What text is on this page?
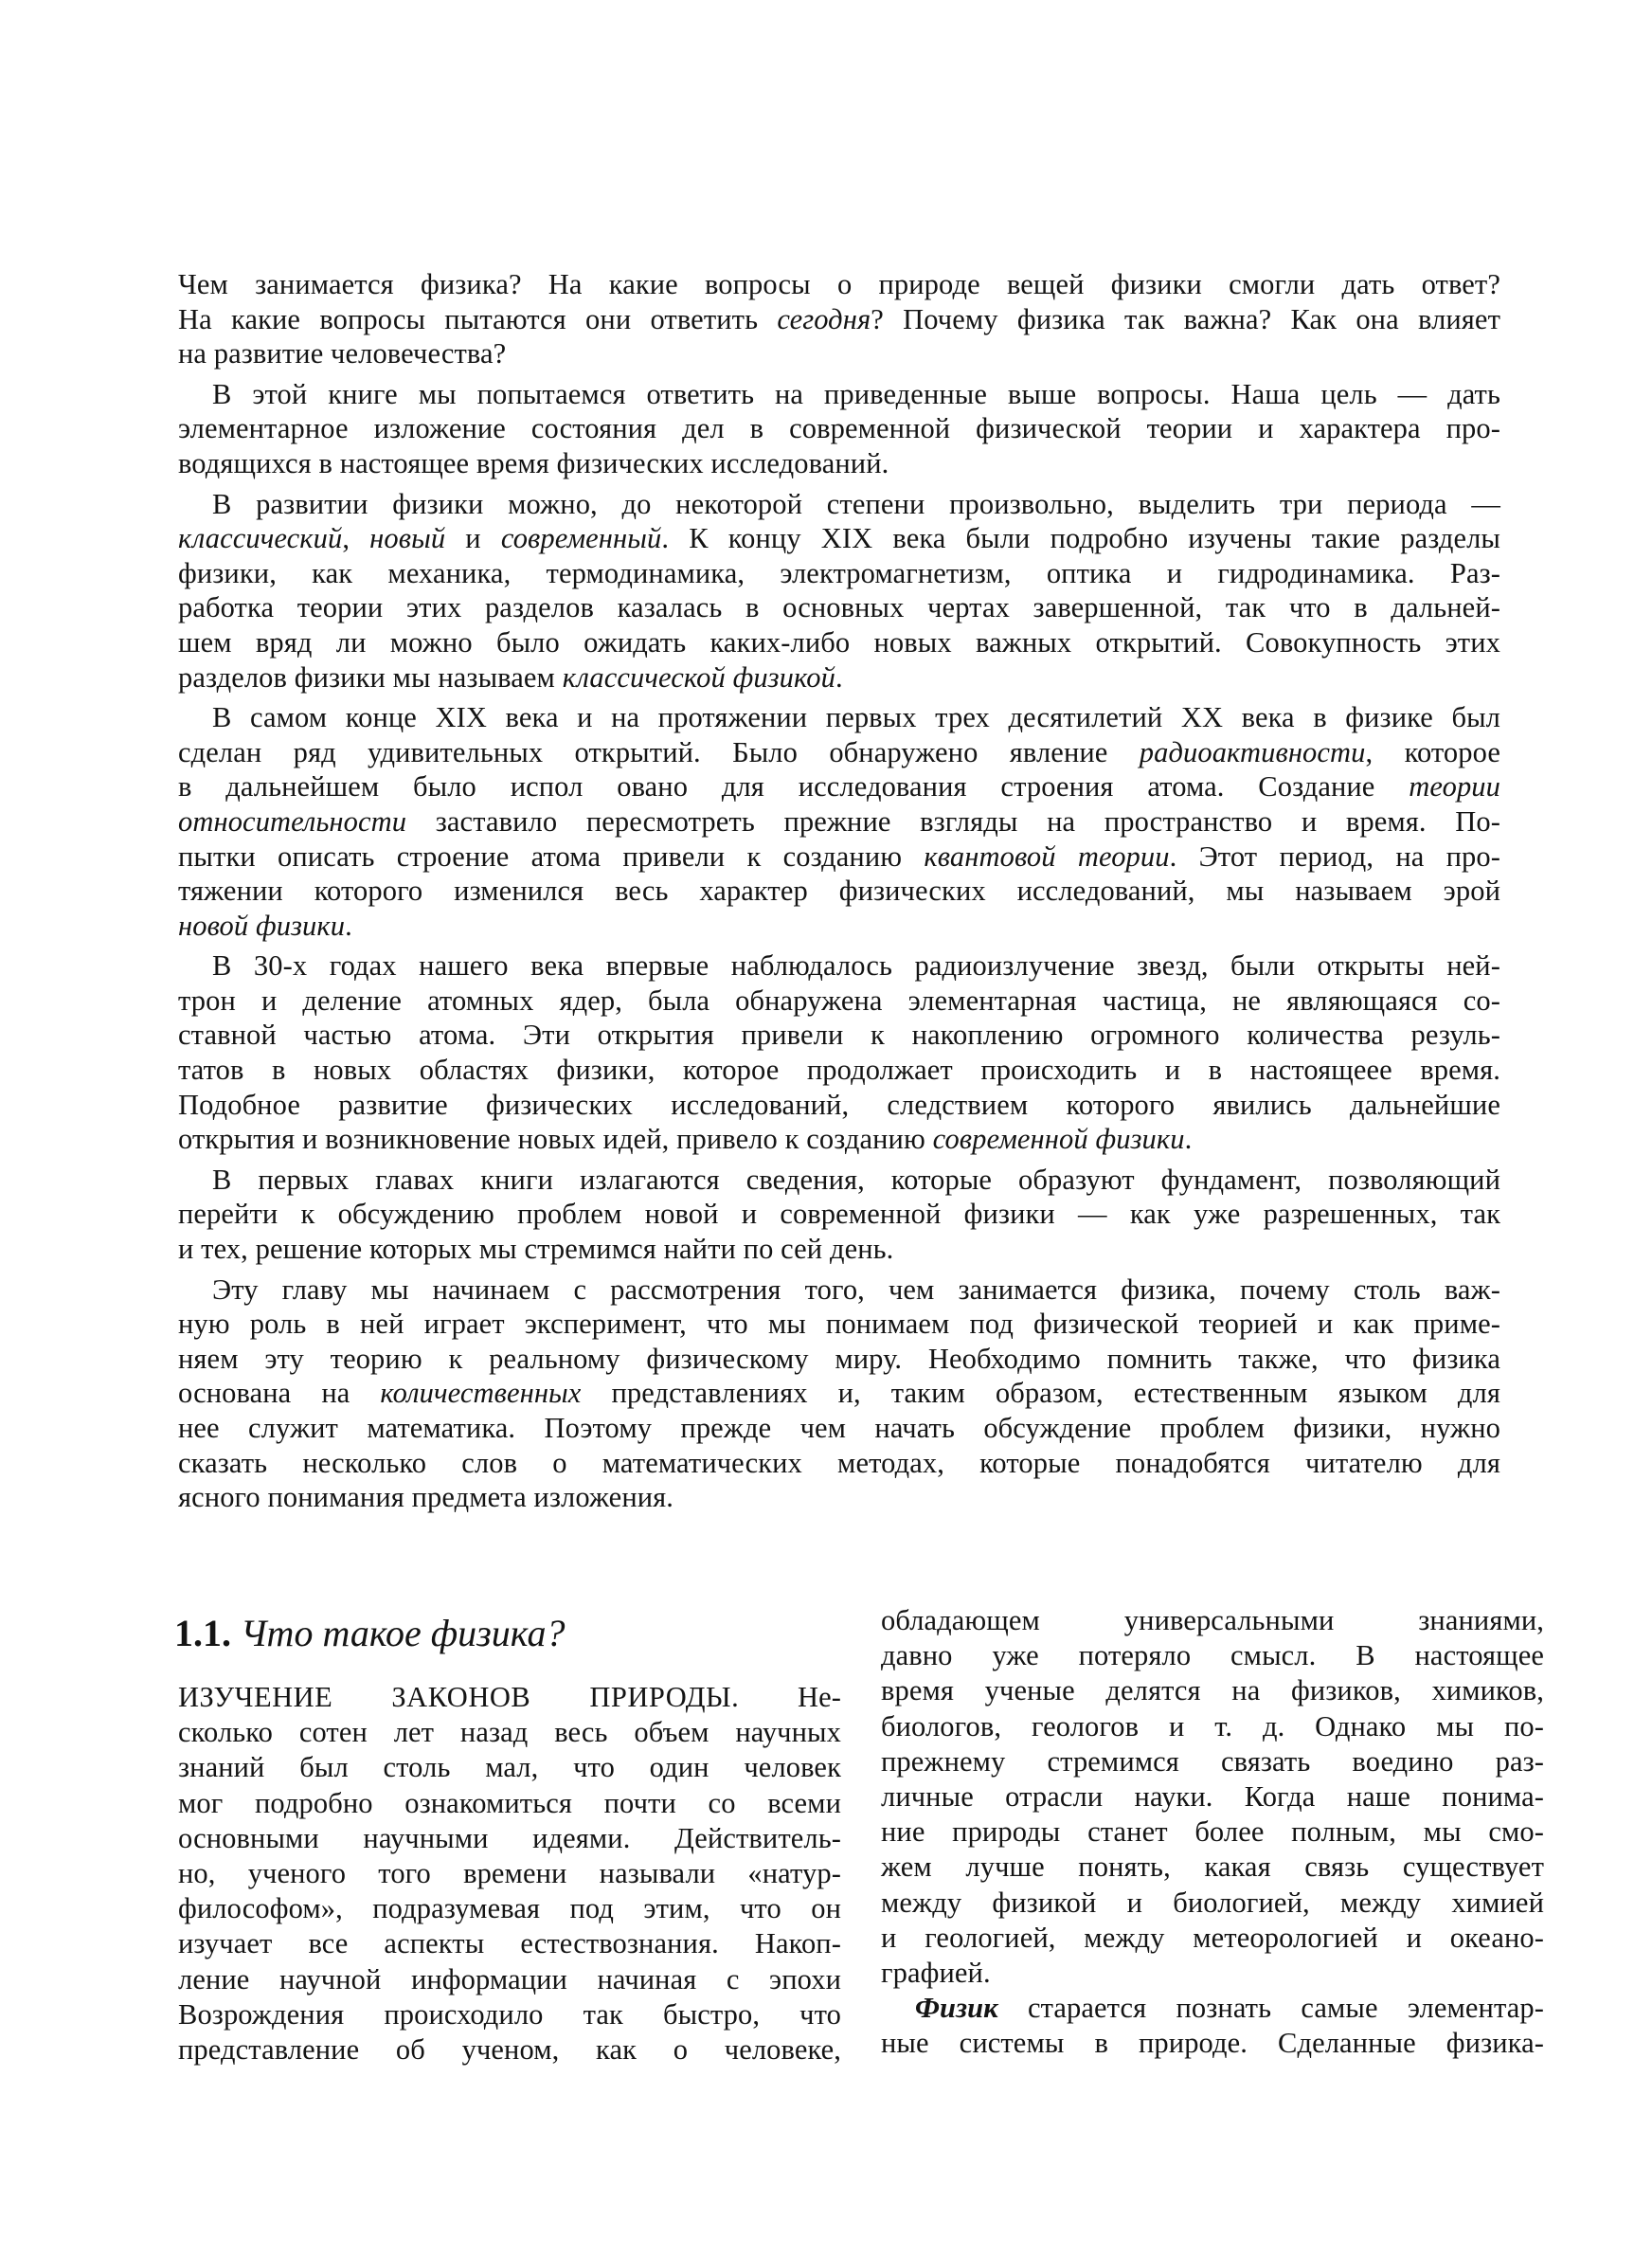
Чем занимается физика? На какие вопросы о природе вещей физики смогли дать ответ?
На какие вопросы пытаются они ответить сегодня? Почему физика так важна? Как она влияет
на развитие человечества?
В этой книге мы попытаемся ответить на приведенные выше вопросы. Наша цель — дать
элементарное изложение состояния дел в современной физической теории и характера про-
водящихся в настоящее время физических исследований.
В развитии физики можно, до некоторой степени произвольно, выделить три периода —
классический, новый и современный. К концу XIX века были подробно изучены такие разделы
физики, как механика, термодинамика, электромагнетизм, оптика и гидродинамика. Раз-
работка теории этих разделов казалась в основных чертах завершенной, так что в дальней-
шем вряд ли можно было ожидать каких-либо новых важных открытий. Совокупность этих
разделов физики мы называем классической физикой.
В самом конце XIX века и на протяжении первых трех десятилетий XX века в физике был
сделан ряд удивительных открытий. Было обнаружено явление радиоактивности, которое
в дальнейшем было испол овано для исследования строения атома. Создание теории
относительности заставило пересмотреть прежние взгляды на пространство и время. По-
пытки описать строение атома привели к созданию квантовой теории. Этот период, на про-
тяжении которого изменился весь характер физических исследований, мы называем эрой
новой физики.
В 30-х годах нашего века впервые наблюдалось радиоизлучение звезд, были открыты ней-
трон и деление атомных ядер, была обнаружена элементарная частица, не являющаяся со-
ставной частью атома. Эти открытия привели к накоплению огромного количества резуль-
татов в новых областях физики, которое продолжает происходить и в настоящеее время.
Подобное развитие физических исследований, следствием которого явились дальнейшие
открытия и возникновение новых идей, привело к созданию современной физики.
В первых главах книги излагаются сведения, которые образуют фундамент, позволяющий
перейти к обсуждению проблем новой и современной физики — как уже разрешенных, так
и тех, решение которых мы стремимся найти по сей день.
Эту главу мы начинаем с рассмотрения того, чем занимается физика, почему столь важ-
ную роль в ней играет эксперимент, что мы понимаем под физической теорией и как приме-
няем эту теорию к реальному физическому миру. Необходимо помнить также, что физика
основана на количественных представлениях и, таким образом, естественным языком для
нее служит математика. Поэтому прежде чем начать обсуждение проблем физики, нужно
сказать несколько слов о математических методах, которые понадобятся читателю для
ясного понимания предмета изложения.
1.1. Что такое физика?
ИЗУЧЕНИЕ ЗАКОНОВ ПРИРОДЫ. Не-
сколько сотен лет назад весь объем научных
знаний был столь мал, что один человек
мог подробно ознакомиться почти со всеми
основными научными идеями. Действитель-
но, ученого того времени называли «натур-
философом», подразумевая под этим, что он
изучает все аспекты естествознания. Накоп-
ление научной информации начиная с эпохи
Возрождения происходило так быстро, что
представление об ученом, как о человеке,
обладающем универсальными знаниями,
давно уже потеряло смысл. В настоящее
время ученые делятся на физиков, химиков,
биологов, геологов и т. д. Однако мы по-
прежнему стремимся связать воедино раз-
личные отрасли науки. Когда наше понима-
ние природы станет более полным, мы смо-
жем лучше понять, какая связь существует
между физикой и биологией, между химией
и геологией, между метеорологией и океано-
графией.
Физик старается познать самые элементар-
ные системы в природе. Сделанные физика-
